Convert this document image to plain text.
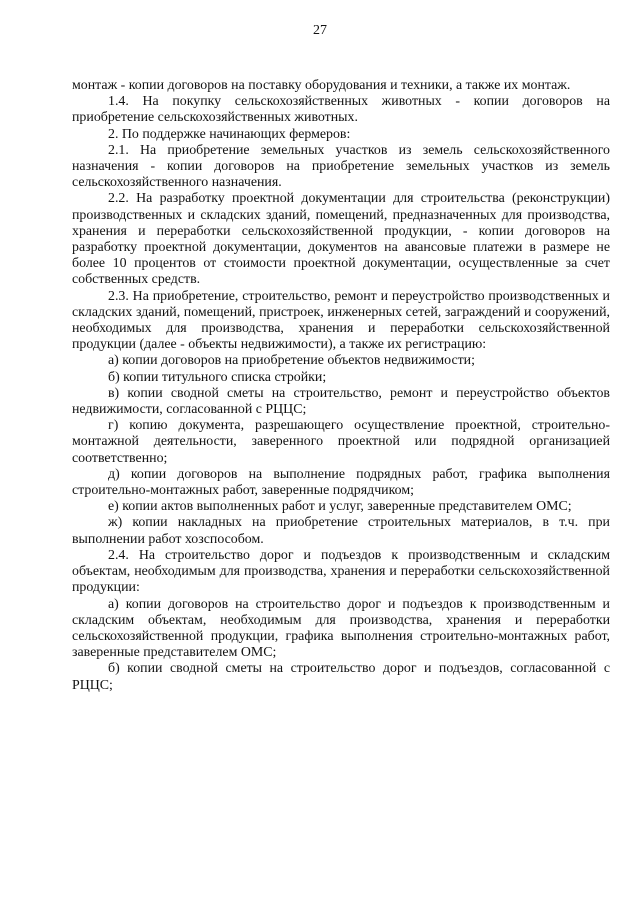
27

монтаж - копии договоров на поставку оборудования и техники, а также их монтаж.

1.4. На покупку сельскохозяйственных животных - копии договоров на приобретение сельскохозяйственных животных.

2. По поддержке начинающих фермеров:

2.1. На приобретение земельных участков из земель сельскохозяйственного назначения - копии договоров на приобретение земельных участков из земель сельскохозяйственного назначения.

2.2. На разработку проектной документации для строительства (реконструкции) производственных и складских зданий, помещений, предназначенных для производства, хранения и переработки сельскохозяйственной продукции, - копии договоров на разработку проектной документации, документов на авансовые платежи в размере не более 10 процентов от стоимости проектной документации, осуществленные за счет собственных средств.

2.3. На приобретение, строительство, ремонт и переустройство производственных и складских зданий, помещений, пристроек, инженерных сетей, заграждений и сооружений, необходимых для производства, хранения и переработки сельскохозяйственной продукции (далее - объекты недвижимости), а также их регистрацию:

а) копии договоров на приобретение объектов недвижимости;

б) копии титульного списка стройки;

в) копии сводной сметы на строительство, ремонт и переустройство объектов недвижимости, согласованной с РЦЦС;

г) копию документа, разрешающего осуществление проектной, строительно-монтажной деятельности, заверенного проектной или подрядной организацией соответственно;

д) копии договоров на выполнение подрядных работ, графика выполнения строительно-монтажных работ, заверенные подрядчиком;

е) копии актов выполненных работ и услуг, заверенные представителем ОМС;

ж) копии накладных на приобретение строительных материалов, в т.ч. при выполнении работ хозспособом.

2.4. На строительство дорог и подъездов к производственным и складским объектам, необходимым для производства, хранения и переработки сельскохозяйственной продукции:

а) копии договоров на строительство дорог и подъездов к производственным и складским объектам, необходимым для производства, хранения и переработки сельскохозяйственной продукции, графика выполнения строительно-монтажных работ, заверенные представителем ОМС;

б) копии сводной сметы на строительство дорог и подъездов, согласованной с РЦЦС;
